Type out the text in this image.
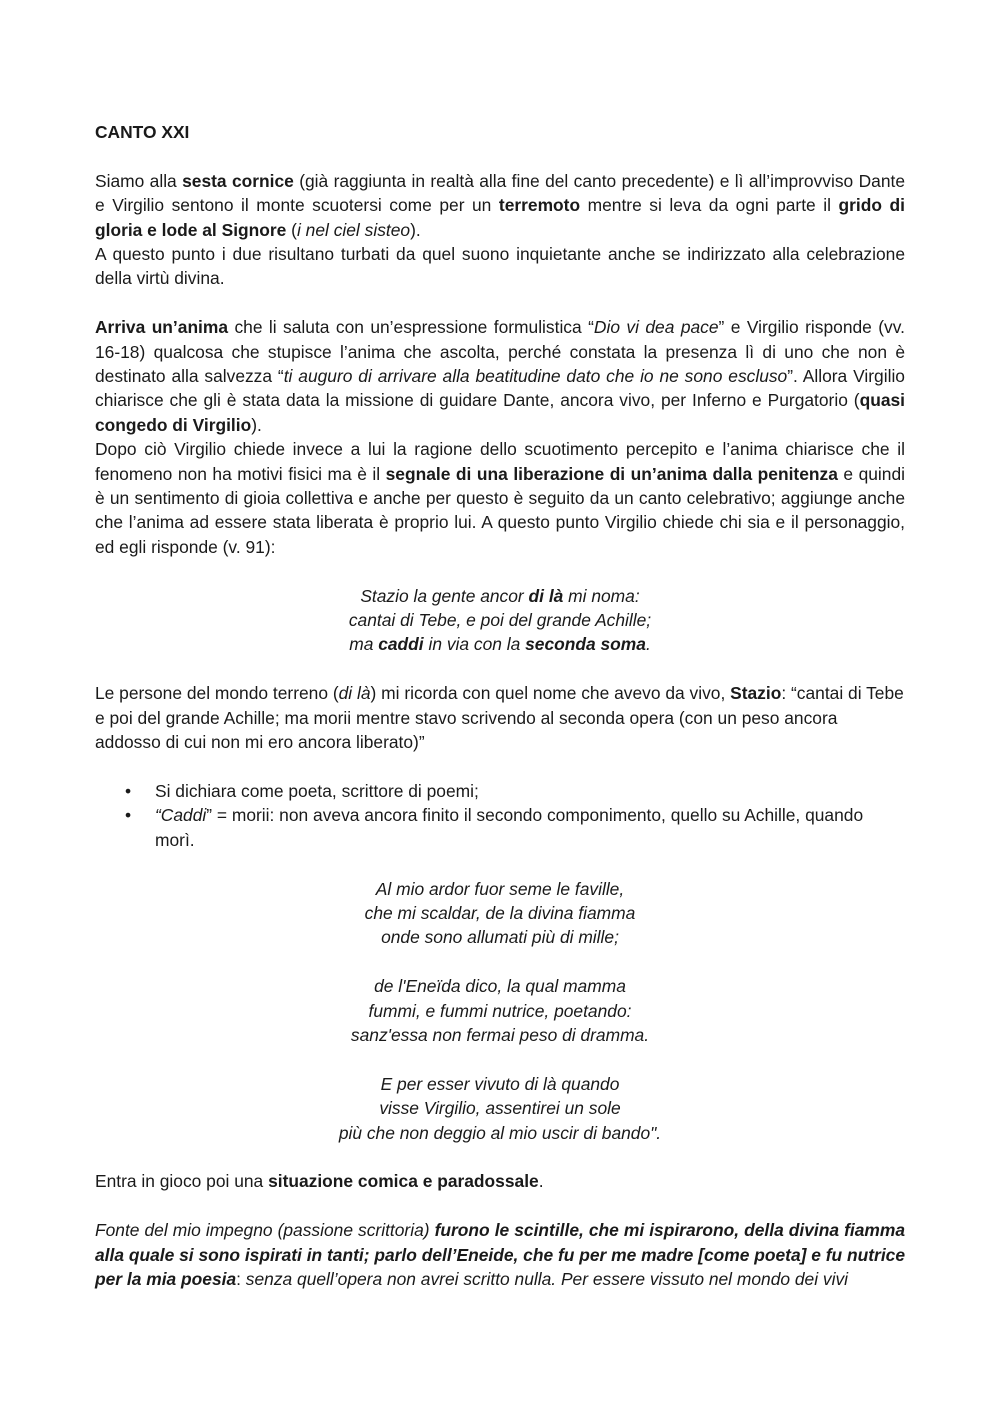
CANTO XXI

Siamo alla sesta cornice (già raggiunta in realtà alla fine del canto precedente) e lì all’improvviso Dante e Virgilio sentono il monte scuotersi come per un terremoto mentre si leva da ogni parte il grido di gloria e lode al Signore (i nel ciel sisteo).

A questo punto i due risultano turbati da quel suono inquietante anche se indirizzato alla celebrazione della virtù divina.

Arriva un’anima che li saluta con un’espressione formulistica “Dio vi dea pace” e Virgilio risponde (vv. 16-18) qualcosa che stupisce l’anima che ascolta, perché constata la presenza lì di uno che non è destinato alla salvezza “ti auguro di arrivare alla beatitudine dato che io ne sono escluso”. Allora Virgilio chiarisce che gli è stata data la missione di guidare Dante, ancora vivo, per Inferno e Purgatorio (quasi congedo di Virgilio).

Dopo ciò Virgilio chiede invece a lui la ragione dello scuotimento percepito e l’anima chiarisce che il fenomeno non ha motivi fisici ma è il segnale di una liberazione di un’anima dalla penitenza e quindi è un sentimento di gioia collettiva e anche per questo è seguito da un canto celebrativo; aggiunge anche che l’anima ad essere stata liberata è proprio lui. A questo punto Virgilio chiede chi sia e il personaggio, ed egli risponde (v. 91):

Stazio la gente ancor di là mi noma:

cantai di Tebe, e poi del grande Achille;

ma caddi in via con la seconda soma.

Le persone del mondo terreno (di là) mi ricorda con quel nome che avevo da vivo, Stazio: “cantai di Tebe e poi del grande Achille; ma morii mentre stavo scrivendo al seconda opera (con un peso ancora addosso di cui non mi ero ancora liberato)”

• Si dichiara come poeta, scrittore di poemi;
• “Caddi” = morii: non aveva ancora finito il secondo componimento, quello su Achille, quando morì.

Al mio ardor fuor seme le faville,

che mi scaldar, de la divina fiamma

onde sono allumati più di mille;

de l'Eneïda dico, la qual mamma

fummi, e fummi nutrice, poetando:

sanz'essa non fermai peso di dramma.

E per esser vivuto di là quando

visse Virgilio, assentirei un sole

più che non deggio al mio uscir di bando".

Entra in gioco poi una situazione comica e paradossale.

Fonte del mio impegno (passione scrittoria) furono le scintille, che mi ispirarono, della divina fiamma alla quale si sono ispirati in tanti; parlo dell’Eneide, che fu per me madre [come poeta] e fu nutrice per la mia poesia: senza quell’opera non avrei scritto nulla. Per essere vissuto nel mondo dei vivi
